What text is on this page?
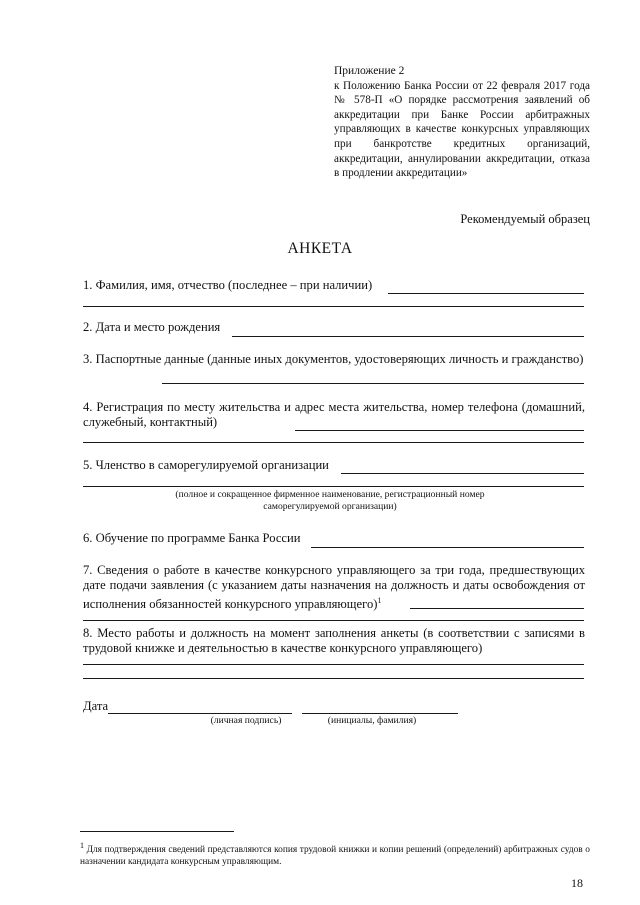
Приложение 2
к Положению Банка России от 22 февраля 2017 года № 578-П «О порядке рассмотрения заявлений об аккредитации при Банке России арбитражных управляющих в качестве конкурсных управляющих при банкротстве кредитных организаций, аккредитации, аннулировании аккредитации, отказа в продлении аккредитации»
Рекомендуемый образец
АНКЕТА
1. Фамилия, имя, отчество (последнее – при наличии)
2. Дата и место рождения
3. Паспортные данные (данные иных документов, удостоверяющих личность и гражданство)
4. Регистрация по месту жительства и адрес места жительства, номер телефона (домашний, служебный, контактный)
5. Членство в саморегулируемой организации
(полное и сокращенное фирменное наименование, регистрационный номер саморегулируемой организации)
6. Обучение по программе Банка России
7. Сведения о работе в качестве конкурсного управляющего за три года, предшествующих дате подачи заявления (с указанием даты назначения на должность и даты освобождения от исполнения обязанностей конкурсного управляющего)$^1$
8. Место работы и должность на момент заполнения анкеты (в соответствии с записями в трудовой книжке и деятельностью в качестве конкурсного управляющего)
Дата
(личная подпись)	(инициалы, фамилия)
$^1$ Для подтверждения сведений представляются копия трудовой книжки и копии решений (определений) арбитражных судов о назначении кандидата конкурсным управляющим.
18
